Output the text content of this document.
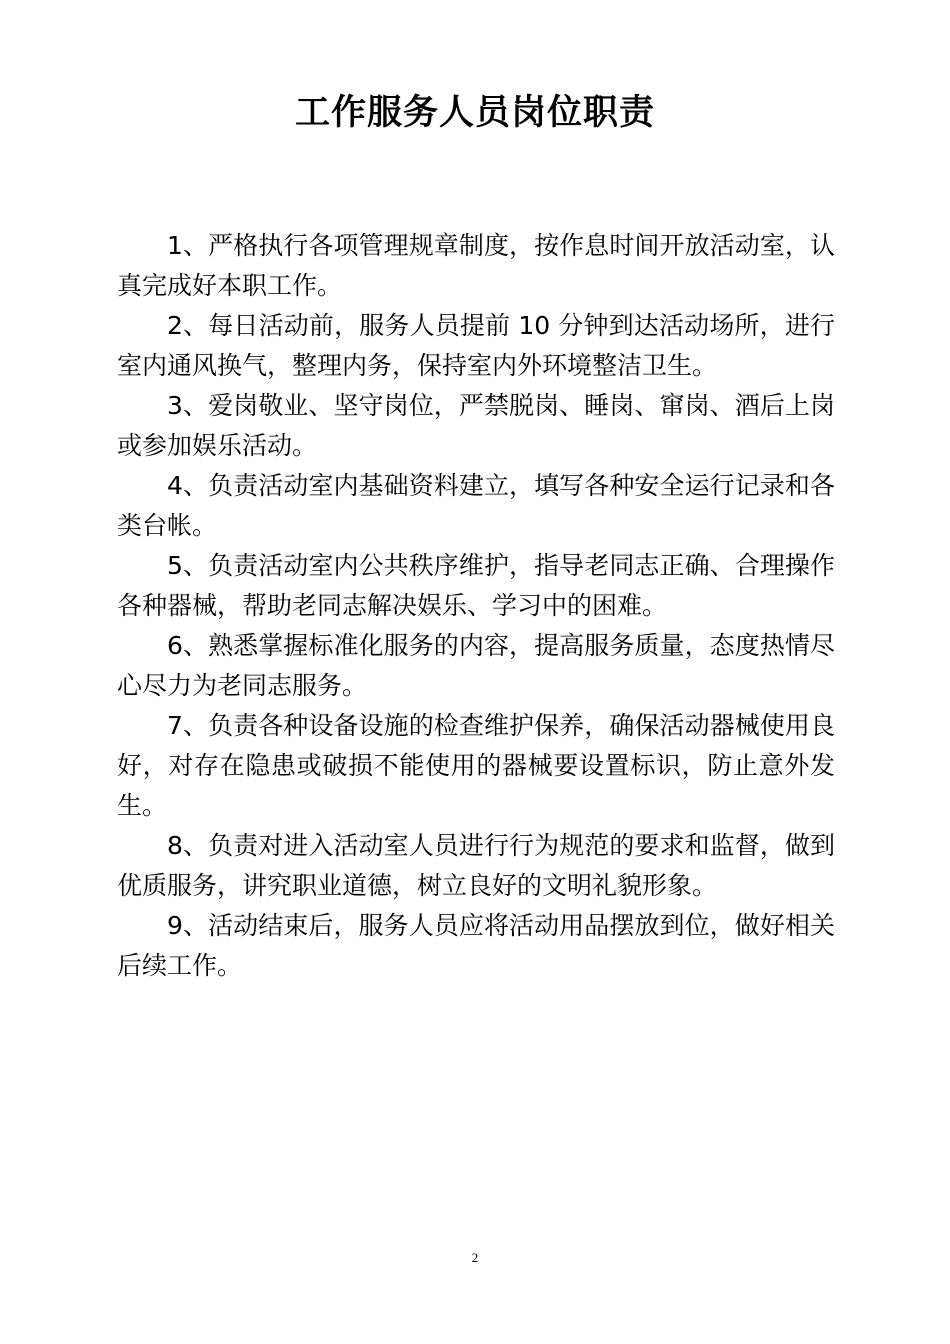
工作服务人员岗位职责
1、严格执行各项管理规章制度，按作息时间开放活动室，认真完成好本职工作。
2、每日活动前，服务人员提前 10 分钟到达活动场所，进行室内通风换气，整理内务，保持室内外环境整洁卫生。
3、爱岗敬业、坚守岗位，严禁脱岗、睡岗、窜岗、酒后上岗或参加娱乐活动。
4、负责活动室内基础资料建立，填写各种安全运行记录和各类台帐。
5、负责活动室内公共秩序维护，指导老同志正确、合理操作各种器械，帮助老同志解决娱乐、学习中的困难。
6、熟悉掌握标准化服务的内容，提高服务质量，态度热情尽心尽力为老同志服务。
7、负责各种设备设施的检查维护保养，确保活动器械使用良好，对存在隐患或破损不能使用的器械要设置标识，防止意外发生。
8、负责对进入活动室人员进行行为规范的要求和监督，做到优质服务，讲究职业道德，树立良好的文明礼貌形象。
9、活动结束后，服务人员应将活动用品摆放到位，做好相关后续工作。
2
